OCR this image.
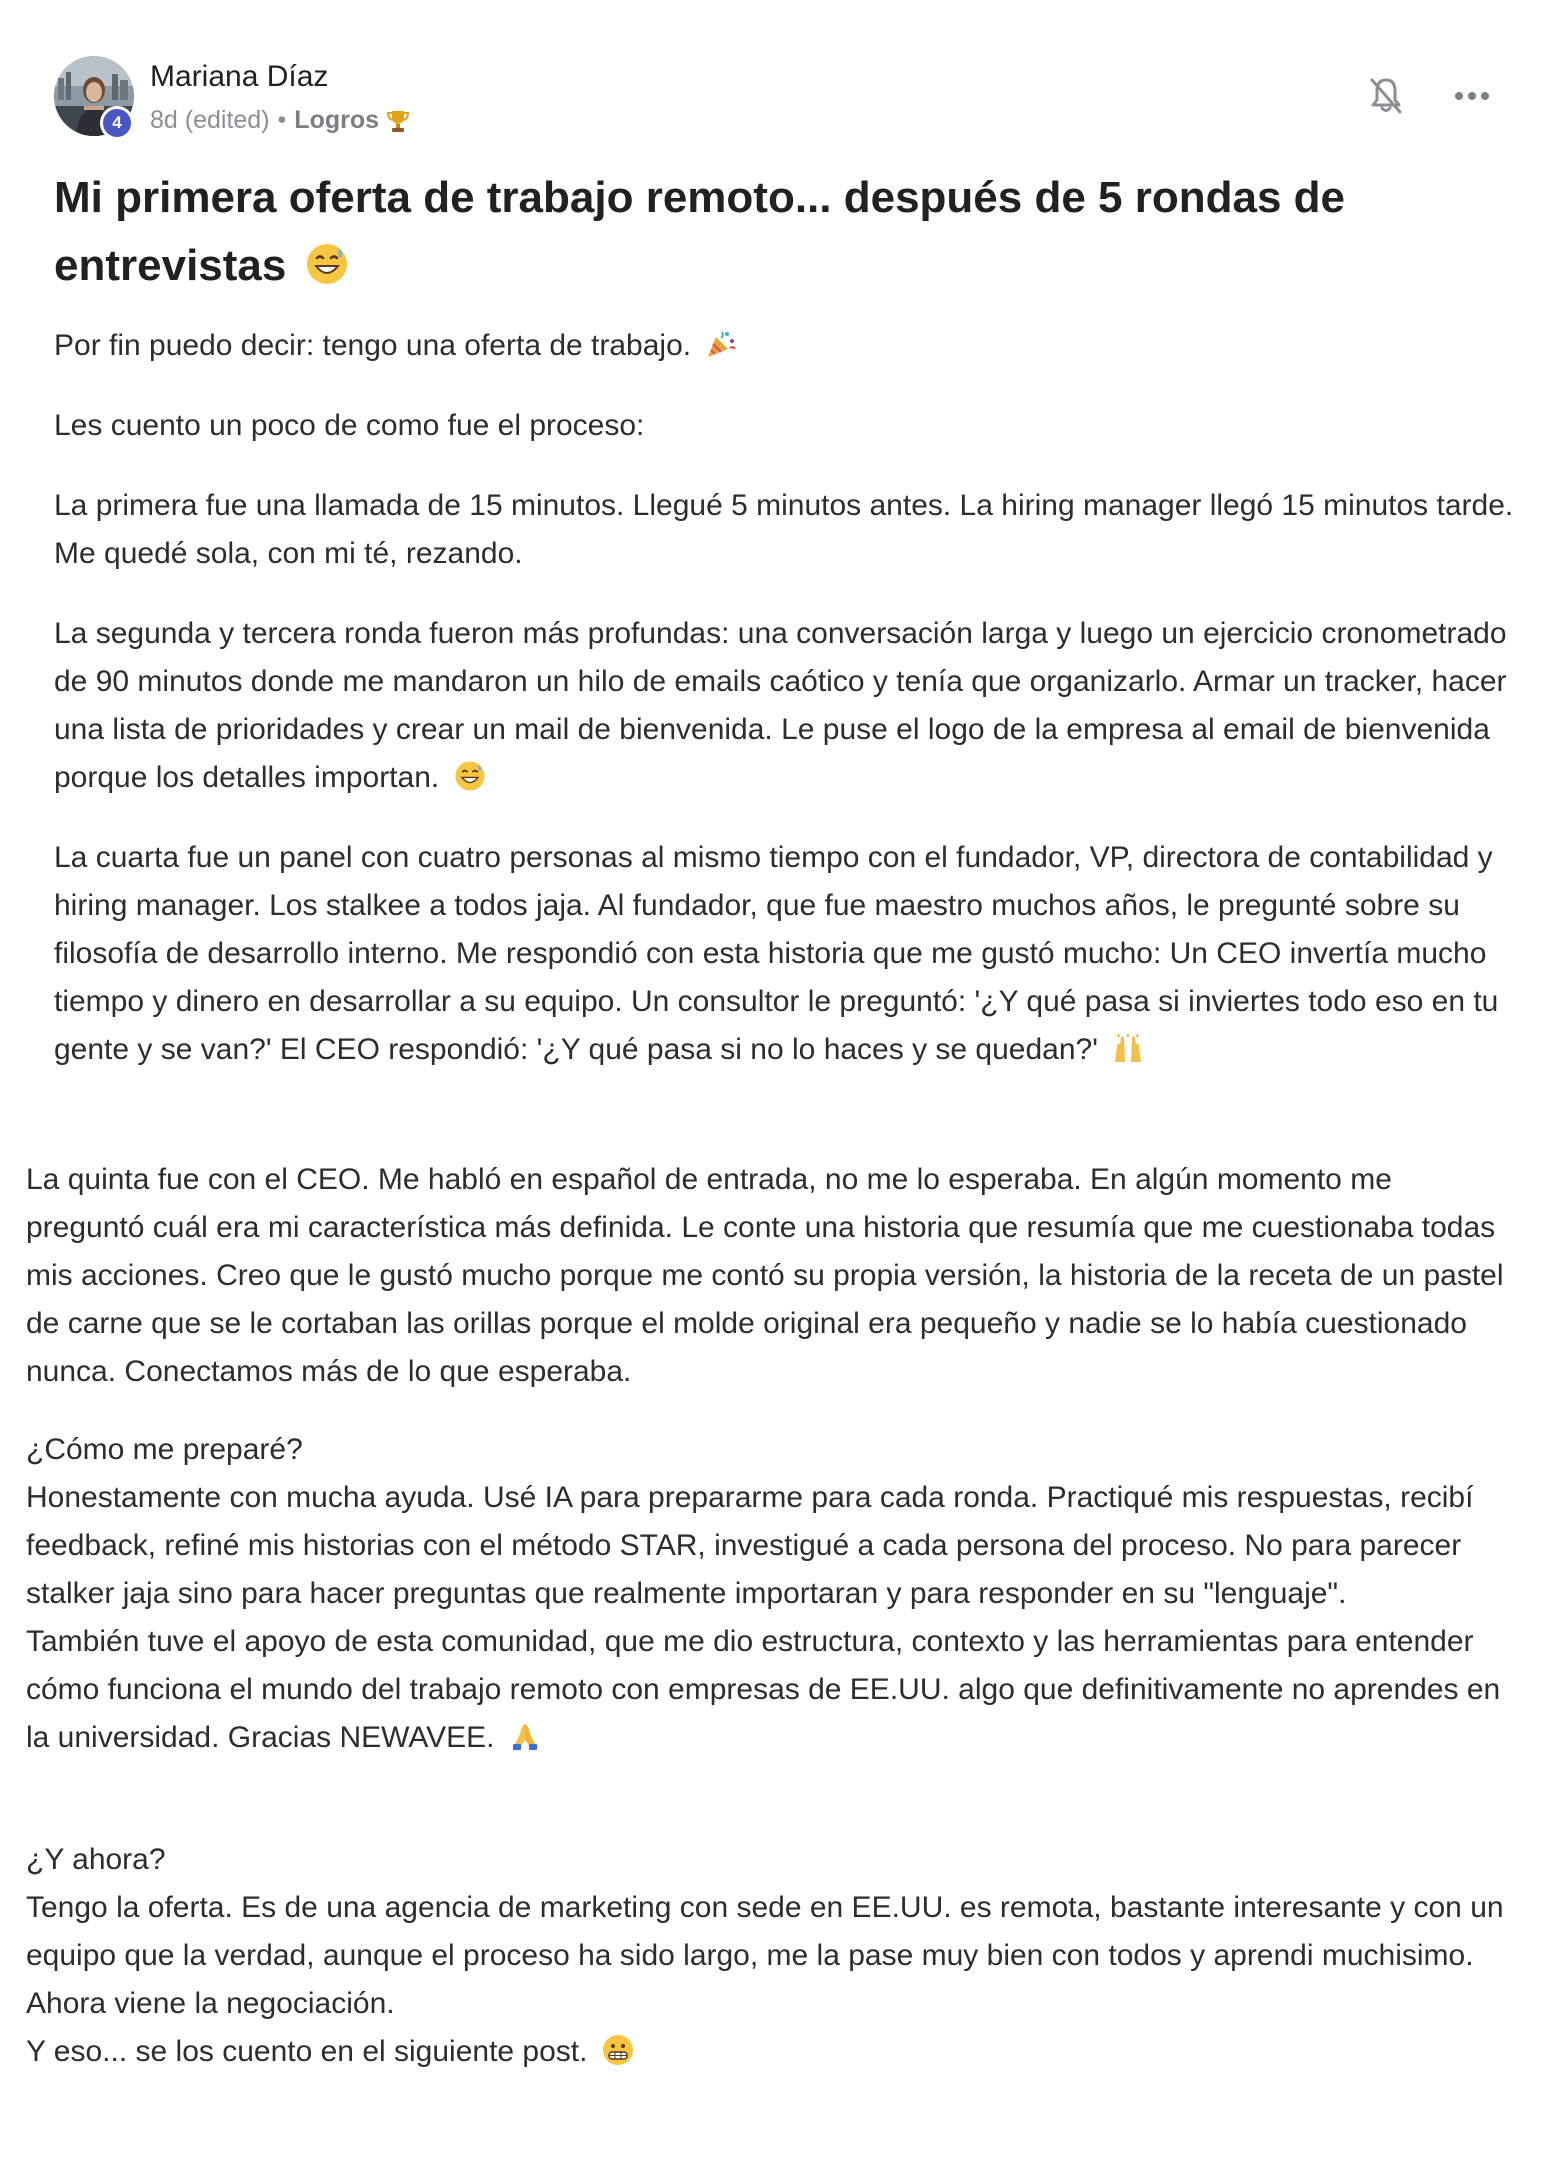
4
Mariana Díaz
8d (edited) • Logros
Mi primera oferta de trabajo remoto... después de 5 rondas de entrevistas

Por fin puedo decir: tengo una oferta de trabajo.

Les cuento un poco de como fue el proceso:

La primera fue una llamada de 15 minutos. Llegué 5 minutos antes. La hiring manager llegó 15 minutos tarde. Me quedé sola, con mi té, rezando.

La segunda y tercera ronda fueron más profundas: una conversación larga y luego un ejercicio cronometrado de 90 minutos donde me mandaron un hilo de emails caótico y tenía que organizarlo. Armar un tracker, hacer una lista de prioridades y crear un mail de bienvenida. Le puse el logo de la empresa al email de bienvenida porque los detalles importan.

La cuarta fue un panel con cuatro personas al mismo tiempo con el fundador, VP, directora de contabilidad y hiring manager. Los stalkee a todos jaja. Al fundador, que fue maestro muchos años, le pregunté sobre su filosofía de desarrollo interno. Me respondió con esta historia que me gustó mucho: Un CEO invertía mucho tiempo y dinero en desarrollar a su equipo. Un consultor le preguntó: '¿Y qué pasa si inviertes todo eso en tu gente y se van?' El CEO respondió: '¿Y qué pasa si no lo haces y se quedan?'

La quinta fue con el CEO. Me habló en español de entrada, no me lo esperaba. En algún momento me preguntó cuál era mi característica más definida. Le conte una historia que resumía que me cuestionaba todas mis acciones. Creo que le gustó mucho porque me contó su propia versión, la historia de la receta de un pastel de carne que se le cortaban las orillas porque el molde original era pequeño y nadie se lo había cuestionado nunca. Conectamos más de lo que esperaba.

¿Cómo me preparé?
Honestamente con mucha ayuda. Usé IA para prepararme para cada ronda. Practiqué mis respuestas, recibí feedback, refiné mis historias con el método STAR, investigué a cada persona del proceso. No para parecer stalker jaja sino para hacer preguntas que realmente importaran y para responder en su "lenguaje".
También tuve el apoyo de esta comunidad, que me dio estructura, contexto y las herramientas para entender cómo funciona el mundo del trabajo remoto con empresas de EE.UU. algo que definitivamente no aprendes en la universidad. Gracias NEWAVEE.
¿Y ahora?
Tengo la oferta. Es de una agencia de marketing con sede en EE.UU. es remota, bastante interesante y con un equipo que la verdad, aunque el proceso ha sido largo, me la pase muy bien con todos y aprendi muchisimo.
Ahora viene la negociación.
Y eso... se los cuento en el siguiente post.
